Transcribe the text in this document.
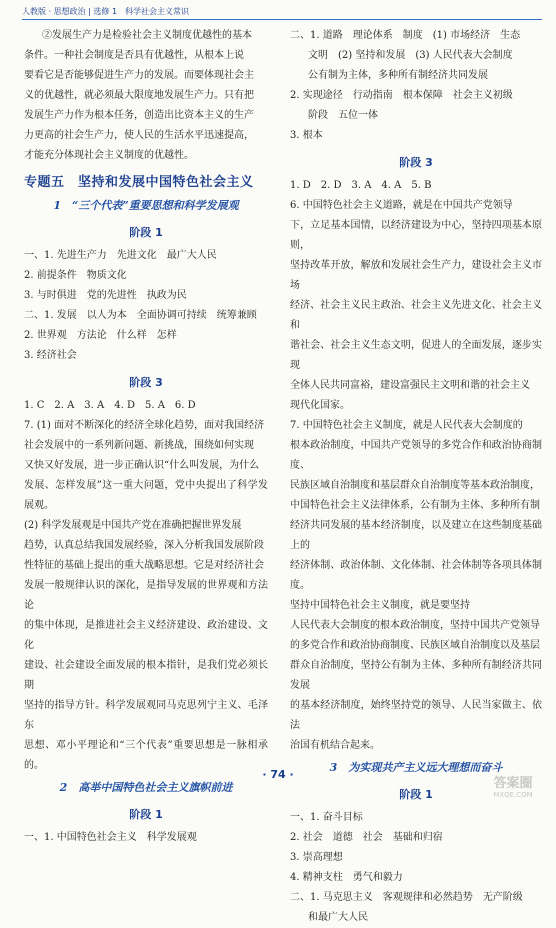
人教版 · 思想政治 | 选修 1　科学社会主义常识
②发展生产力是检验社会主义制度优越性的基本
条件。一种社会制度是否具有优越性，从根本上说
要看它是否能够促进生产力的发展。而要体现社会主
义的优越性，就必须最大限度地发展生产力。只有把
发展生产力作为根本任务，创造出比资本主义的生产
力更高的社会生产力，使人民的生活水平迅速提高，
才能充分体现社会主义制度的优越性。
专题五　坚持和发展中国特色社会主义
1　“三个代表”重要思想和科学发展观
阶段 1
一、1. 先进生产力　先进文化　最广大人民
2. 前提条件　物质文化
3. 与时俱进　党的先进性　执政为民
二、1. 发展　以人为本　全面协调可持续　统筹兼顾
2. 世界观　方法论　什么样　怎样
3. 经济社会
阶段 3
1. C　2. A　3. A　4. D　5. A　6. D
7. (1) 面对不断深化的经济全球化趋势，面对我国经济
社会发展中的一系列新问题、新挑战，围绕如何实现
又快又好发展，进一步正确认识“什么叫发展，为什么
发展、怎样发展”这一重大问题，党中央提出了科学发展观。
(2) 科学发展观是中国共产党在准确把握世界发展
趋势，认真总结我国发展经验，深入分析我国发展阶段
性特征的基础上提出的重大战略思想。它是对经济社会
发展一般规律认识的深化，是指导发展的世界观和方法论
的集中体现，是推进社会主义经济建设、政治建设、文化
建设、社会建设全面发展的根本指针，是我们党必须长期
坚持的指导方针。科学发展观同马克思列宁主义、毛泽东
思想、邓小平理论和“三个代表”重要思想是一脉相承的。
2　高举中国特色社会主义旗帜前进
阶段 1
一、1. 中国特色社会主义　科学发展观
二、1. 道路　理论体系　制度　(1) 市场经济　生态
文明　(2) 坚持和发展　(3) 人民代表大会制度
公有制为主体，多种所有制经济共同发展
2. 实现途径　行动指南　根本保障　社会主义初级
阶段　五位一体
3. 根本
阶段 3
1. D　2. D　3. A　4. A　5. B
6. 中国特色社会主义道路，就是在中国共产党领导
下，立足基本国情，以经济建设为中心，坚持四项基本原则，
坚持改革开放，解放和发展社会生产力，建设社会主义市场
经济、社会主义民主政治、社会主义先进文化、社会主义和
谐社会、社会主义生态文明，促进人的全面发展，逐步实现
全体人民共同富裕，建设富强民主文明和谐的社会主义
现代化国家。
7. 中国特色社会主义制度，就是人民代表大会制度的
根本政治制度，中国共产党领导的多党合作和政治协商制度、
民族区域自治制度和基层群众自治制度等基本政治制度，
中国特色社会主义法律体系，公有制为主体、多种所有制
经济共同发展的基本经济制度，以及建立在这些制度基础上的
经济体制、政治体制、文化体制、社会体制等各项具体制度。
坚持中国特色社会主义制度，就是要坚持
人民代表大会制度的根本政治制度，坚持中国共产党领导
的多党合作和政治协商制度、民族区域自治制度以及基层
群众自治制度，坚持公有制为主体、多种所有制经济共同发展
的基本经济制度，始终坚持党的领导、人民当家做主、依法
治国有机结合起来。
3　为实现共产主义远大理想而奋斗
阶段 1
一、1. 奋斗目标
2. 社会　道德　社会　基础和归宿
3. 崇高理想
4. 精神支柱　勇气和毅力
二、1. 马克思主义　客观规律和必然趋势　无产阶级
和最广大人民
· 74 ·
答案圈
MXQE.COM
